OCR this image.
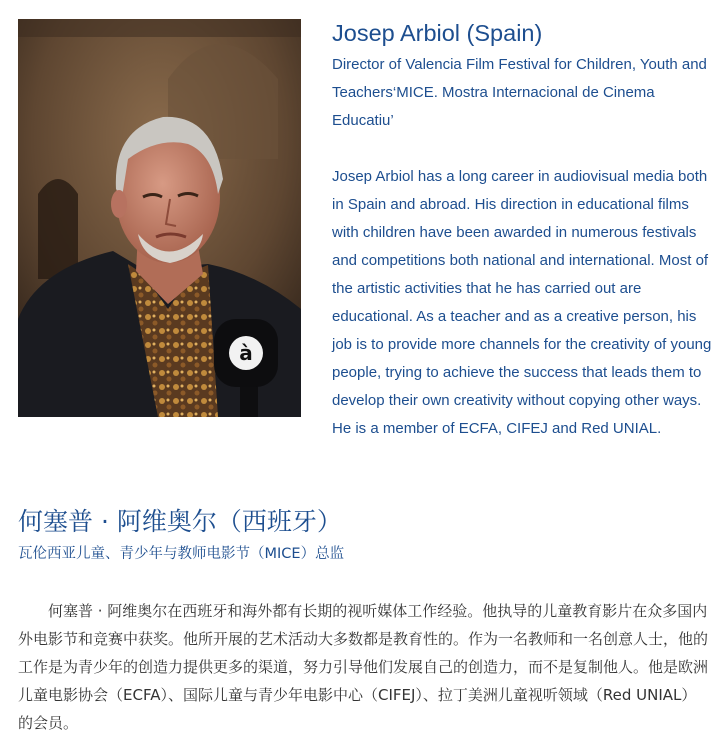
à
Josep Arbiol (Spain)

Director of Valencia Film Festival for Children, Youth and Teachers‘MICE. Mostra Internacional de Cinema Educatiu’

Josep Arbiol has a long career in audiovisual media both in Spain and abroad. His direction in educational films with children have been awarded in numerous festivals and competitions both national and international. Most of the artistic activities that he has carried out are educational. As a teacher and as a creative person, his job is to provide more channels for the creativity of young people, trying to achieve the success that leads them to develop their own creativity without copying other ways. He is a member of ECFA, CIFEJ and Red UNIAL.

何塞普 · 阿维奥尔（西班牙）

瓦伦西亚儿童、青少年与教师电影节（MICE）总监

何塞普 · 阿维奥尔在西班牙和海外都有长期的视听媒体工作经验。他执导的儿童教育影片在众多国内外电影节和竞赛中获奖。他所开展的艺术活动大多数都是教育性的。作为一名教师和一名创意人士，他的工作是为青少年的创造力提供更多的渠道，努力引导他们发展自己的创造力，而不是复制他人。他是欧洲儿童电影协会（ECFA）、国际儿童与青少年电影中心（CIFEJ）、拉丁美洲儿童视听领域（Red UNIAL）的会员。
